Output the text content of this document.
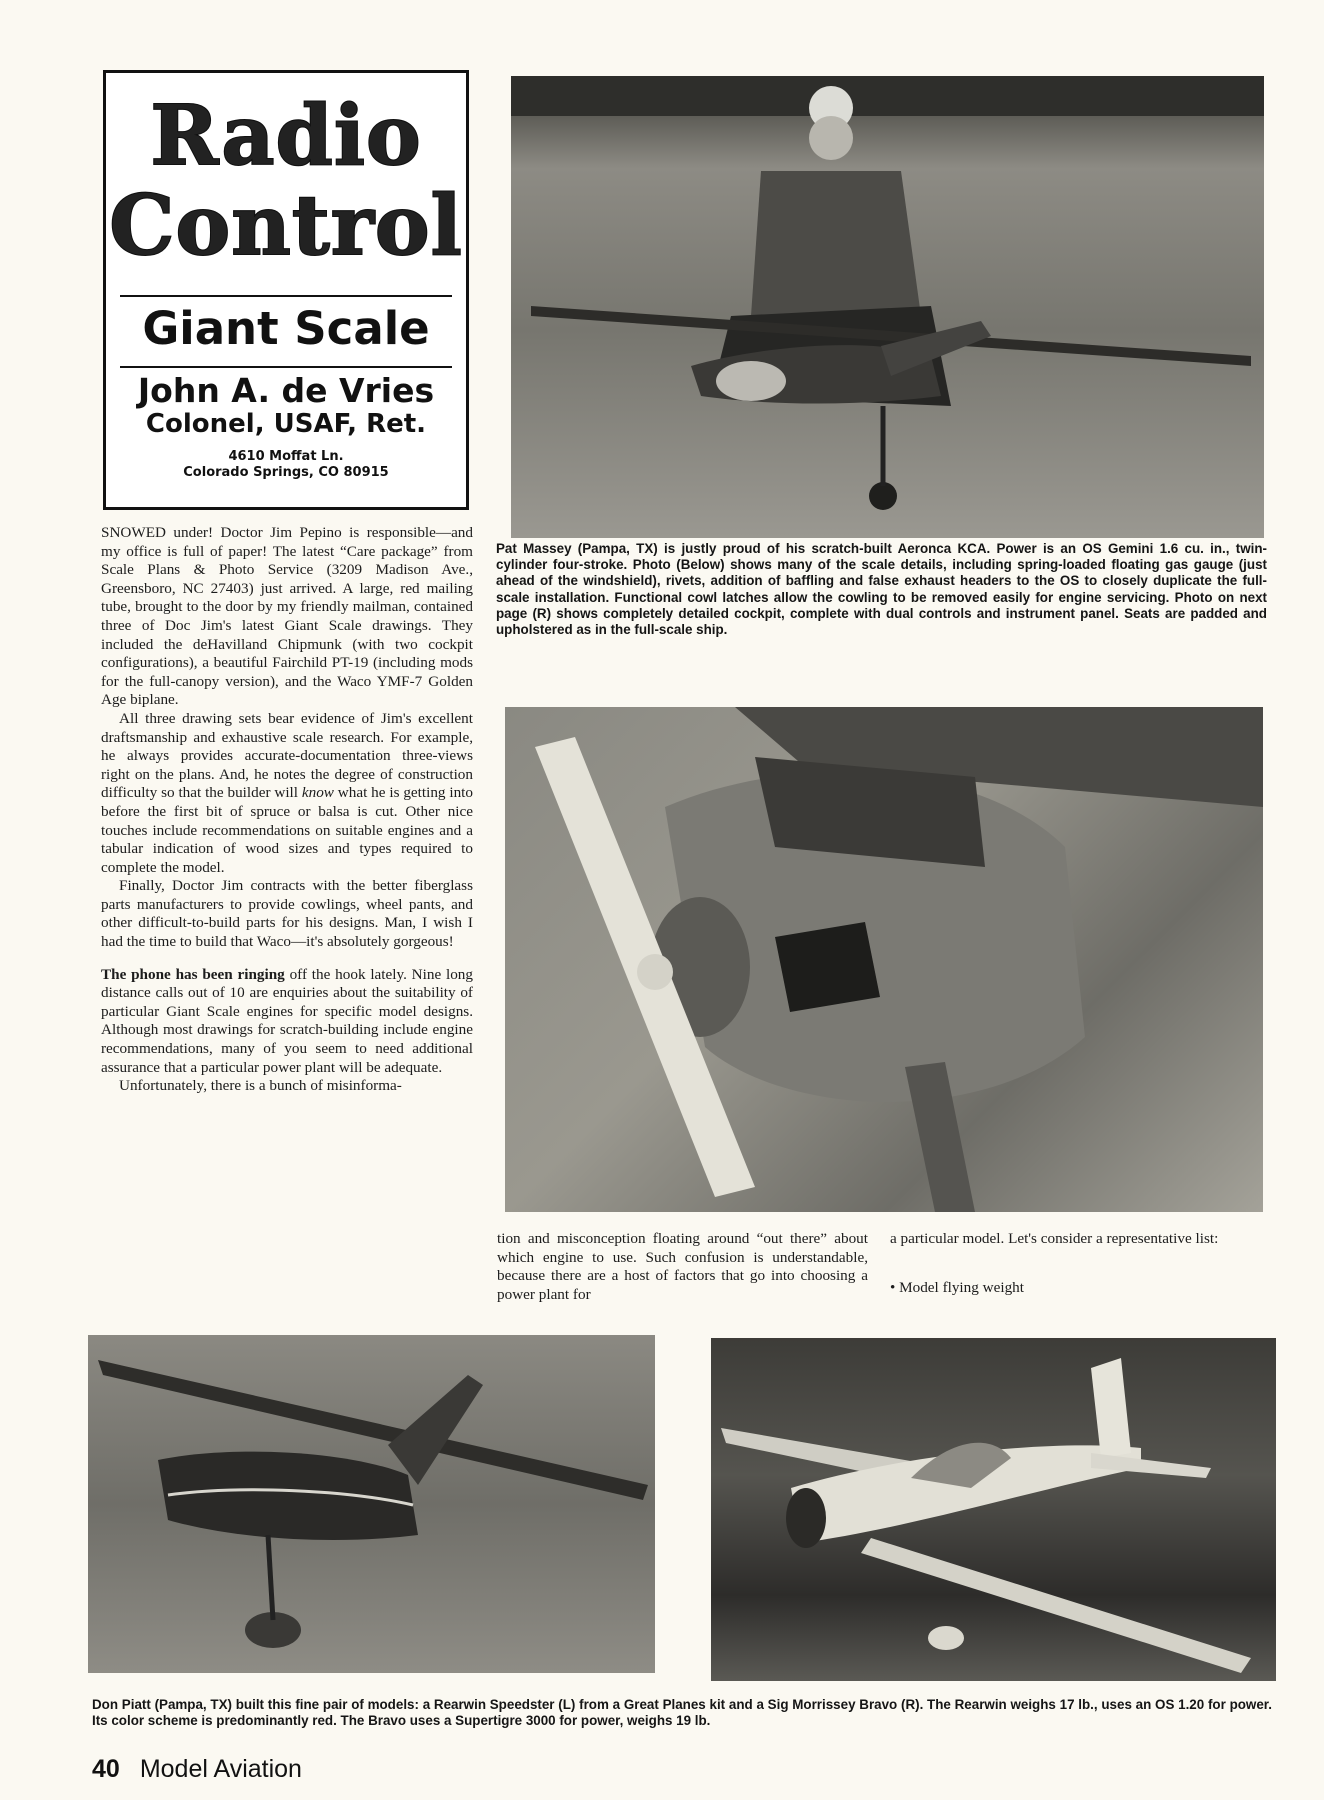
Radio
Control
Giant Scale
John A. de Vries
Colonel, USAF, Ret.
4610 Moffat Ln.
Colorado Springs, CO 80915

SNOWED under! Doctor Jim Pepino is responsible—and my office is full of paper! The latest “Care package” from Scale Plans & Photo Service (3209 Madison Ave., Greensboro, NC 27403) just arrived. A large, red mailing tube, brought to the door by my friendly mailman, contained three of Doc Jim's latest Giant Scale drawings. They included the deHavilland Chipmunk (with two cockpit configurations), a beautiful Fairchild PT-19 (including mods for the full-canopy version), and the Waco YMF-7 Golden Age biplane.

All three drawing sets bear evidence of Jim's excellent draftsmanship and exhaustive scale research. For example, he always provides accurate-documentation three-views right on the plans. And, he notes the degree of construction difficulty so that the builder will know what he is getting into before the first bit of spruce or balsa is cut. Other nice touches include recommendations on suitable engines and a tabular indication of wood sizes and types required to complete the model.

Finally, Doctor Jim contracts with the better fiberglass parts manufacturers to provide cowlings, wheel pants, and other difficult-to-build parts for his designs. Man, I wish I had the time to build that Waco—it's absolutely gorgeous!

The phone has been ringing off the hook lately. Nine long distance calls out of 10 are enquiries about the suitability of particular Giant Scale engines for specific model designs. Although most drawings for scratch-building include engine recommendations, many of you seem to need additional assurance that a particular power plant will be adequate.

Unfortunately, there is a bunch of misinforma-

Pat Massey (Pampa, TX) is justly proud of his scratch-built Aeronca KCA. Power is an OS Gemini 1.6 cu. in., twin-cylinder four-stroke. Photo (Below) shows many of the scale details, including spring-loaded floating gas gauge (just ahead of the windshield), rivets, addition of baffling and false exhaust headers to the OS to closely duplicate the full-scale installation. Functional cowl latches allow the cowling to be removed easily for engine servicing. Photo on next page (R) shows completely detailed cockpit, complete with dual controls and instrument panel. Seats are padded and upholstered as in the full-scale ship.

tion and misconception floating around “out there” about which engine to use. Such confusion is understandable, because there are a host of factors that go into choosing a power plant for

a particular model. Let's consider a representative list:

• Model flying weight

Don Piatt (Pampa, TX) built this fine pair of models: a Rearwin Speedster (L) from a Great Planes kit and a Sig Morrissey Bravo (R). The Rearwin weighs 17 lb., uses an OS 1.20 for power. Its color scheme is predominantly red. The Bravo uses a Supertigre 3000 for power, weighs 19 lb.
40 Model Aviation
